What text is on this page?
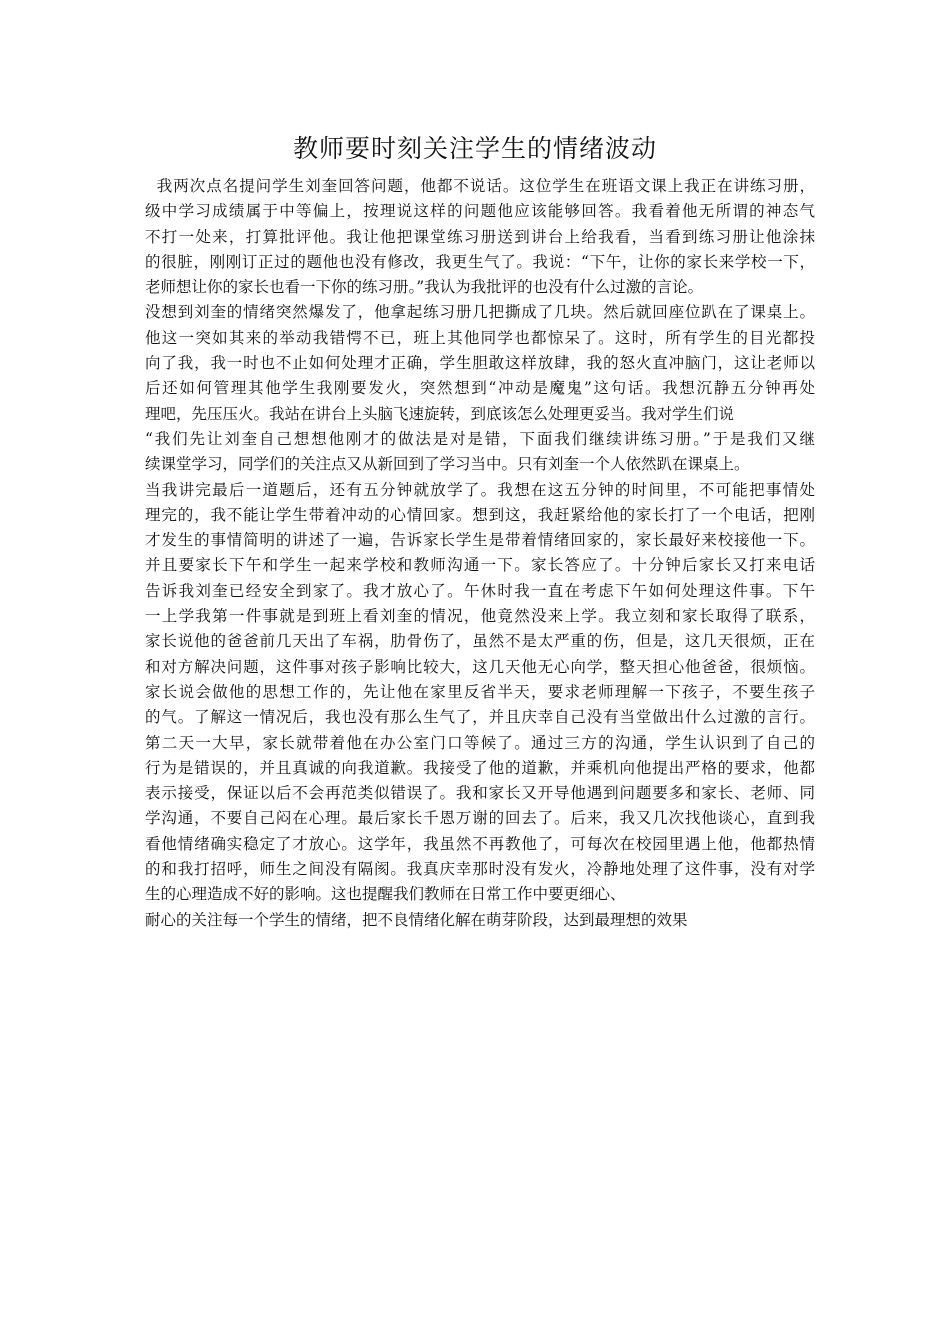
教师要时刻关注学生的情绪波动
我两次点名提问学生刘奎回答问题，他都不说话。这位学生在班语文课上我正在讲练习册，
级中学习成绩属于中等偏上，按理说这样的问题他应该能够回答。我看着他无所谓的神态气
不打一处来，打算批评他。我让他把课堂练习册送到讲台上给我看，当看到练习册让他涂抹
的很脏，刚刚订正过的题他也没有修改，我更生气了。我说：“下午，让你的家长来学校一下，
老师想让你的家长也看一下你的练习册。”我认为我批评的也没有什么过激的言论。
没想到刘奎的情绪突然爆发了，他拿起练习册几把撕成了几块。然后就回座位趴在了课桌上。
他这一突如其来的举动我错愕不已，班上其他同学也都惊呆了。这时，所有学生的目光都投
向了我，我一时也不止如何处理才正确，学生胆敢这样放肆，我的怒火直冲脑门，这让老师以
后还如何管理其他学生我刚要发火，突然想到“冲动是魔鬼”这句话。我想沉静五分钟再处
理吧，先压压火。我站在讲台上头脑飞速旋转，到底该怎么处理更妥当。我对学生们说
“我们先让刘奎自己想想他刚才的做法是对是错，下面我们继续讲练习册。”于是我们又继
续课堂学习，同学们的关注点又从新回到了学习当中。只有刘奎一个人依然趴在课桌上。
当我讲完最后一道题后，还有五分钟就放学了。我想在这五分钟的时间里，不可能把事情处
理完的，我不能让学生带着冲动的心情回家。想到这，我赶紧给他的家长打了一个电话，把刚
才发生的事情简明的讲述了一遍，告诉家长学生是带着情绪回家的，家长最好来校接他一下。
并且要家长下午和学生一起来学校和教师沟通一下。家长答应了。十分钟后家长又打来电话
告诉我刘奎已经安全到家了。我才放心了。午休时我一直在考虑下午如何处理这件事。下午
一上学我第一件事就是到班上看刘奎的情况，他竟然没来上学。我立刻和家长取得了联系，
家长说他的爸爸前几天出了车祸，肋骨伤了，虽然不是太严重的伤，但是，这几天很烦，正在
和对方解决问题，这件事对孩子影响比较大，这几天他无心向学，整天担心他爸爸，很烦恼。
家长说会做他的思想工作的，先让他在家里反省半天，要求老师理解一下孩子，不要生孩子
的气。了解这一情况后，我也没有那么生气了，并且庆幸自己没有当堂做出什么过激的言行。
第二天一大早，家长就带着他在办公室门口等候了。通过三方的沟通，学生认识到了自己的
行为是错误的，并且真诚的向我道歉。我接受了他的道歉，并乘机向他提出严格的要求，他都
表示接受，保证以后不会再范类似错误了。我和家长又开导他遇到问题要多和家长、老师、同
学沟通，不要自己闷在心理。最后家长千恩万谢的回去了。后来，我又几次找他谈心，直到我
看他情绪确实稳定了才放心。这学年，我虽然不再教他了，可每次在校园里遇上他，他都热情
的和我打招呼，师生之间没有隔阂。我真庆幸那时没有发火，冷静地处理了这件事，没有对学
生的心理造成不好的影响。这也提醒我们教师在日常工作中要更细心、
耐心的关注每一个学生的情绪，把不良情绪化解在萌芽阶段，达到最理想的效果
